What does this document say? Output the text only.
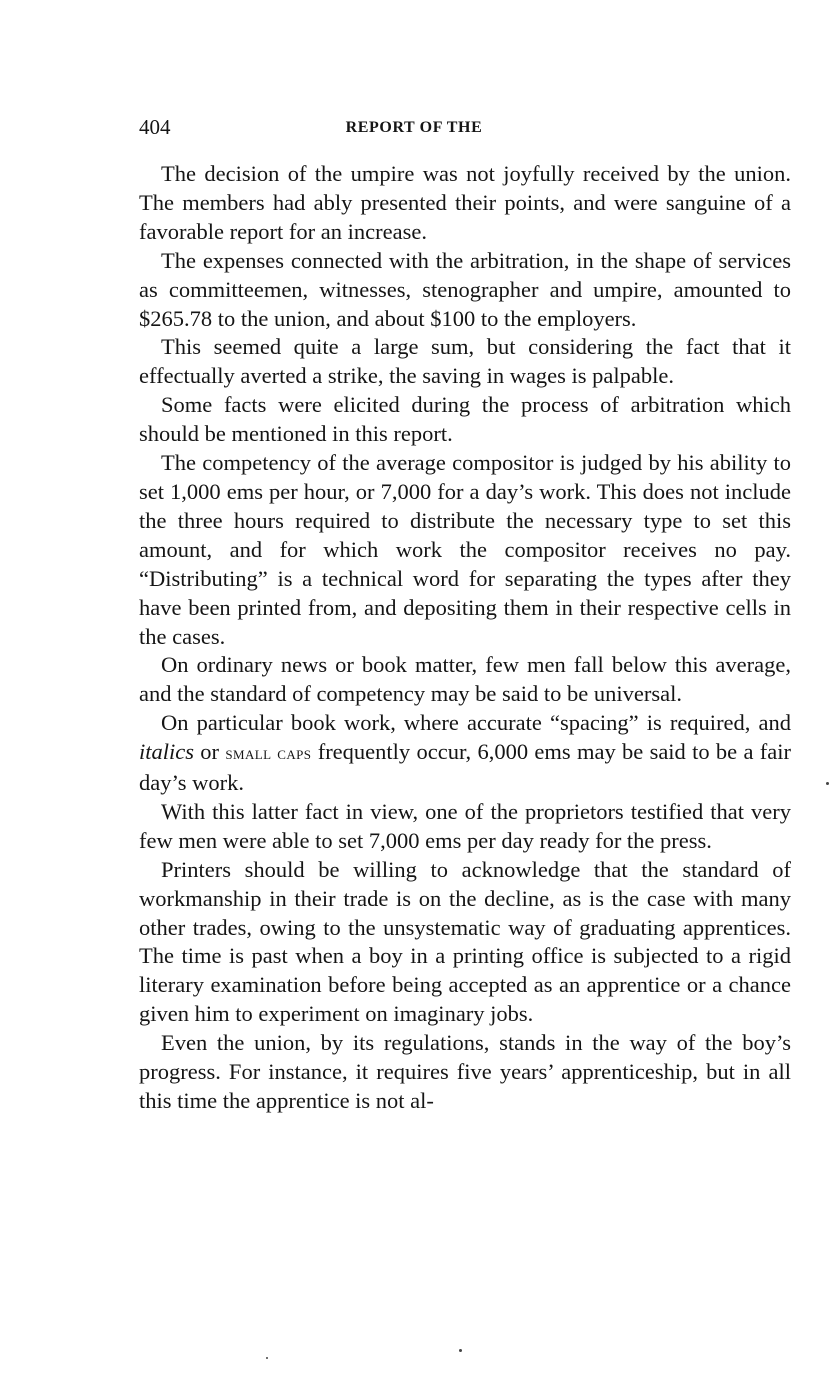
404	REPORT OF THE

The decision of the umpire was not joyfully received by the union. The members had ably presented their points, and were sanguine of a favorable report for an increase.

The expenses connected with the arbitration, in the shape of services as committeemen, witnesses, stenographer and umpire, amounted to $265.78 to the union, and about $100 to the employers.

This seemed quite a large sum, but considering the fact that it effectually averted a strike, the saving in wages is palpable.

Some facts were elicited during the process of arbitration which should be mentioned in this report.

The competency of the average compositor is judged by his ability to set 1,000 ems per hour, or 7,000 for a day’s work. This does not include the three hours required to distribute the necessary type to set this amount, and for which work the compositor receives no pay. “Distributing” is a technical word for separating the types after they have been printed from, and depositing them in their respective cells in the cases.

On ordinary news or book matter, few men fall below this average, and the standard of competency may be said to be universal.

On particular book work, where accurate “spacing” is required, and italics or small caps frequently occur, 6,000 ems may be said to be a fair day’s work.

With this latter fact in view, one of the proprietors testified that very few men were able to set 7,000 ems per day ready for the press.

Printers should be willing to acknowledge that the standard of workmanship in their trade is on the decline, as is the case with many other trades, owing to the unsystematic way of graduating apprentices. The time is past when a boy in a printing office is subjected to a rigid literary examination before being accepted as an apprentice or a chance given him to experiment on imaginary jobs.

Even the union, by its regulations, stands in the way of the boy’s progress. For instance, it requires five years’ apprenticeship, but in all this time the apprentice is not al-
